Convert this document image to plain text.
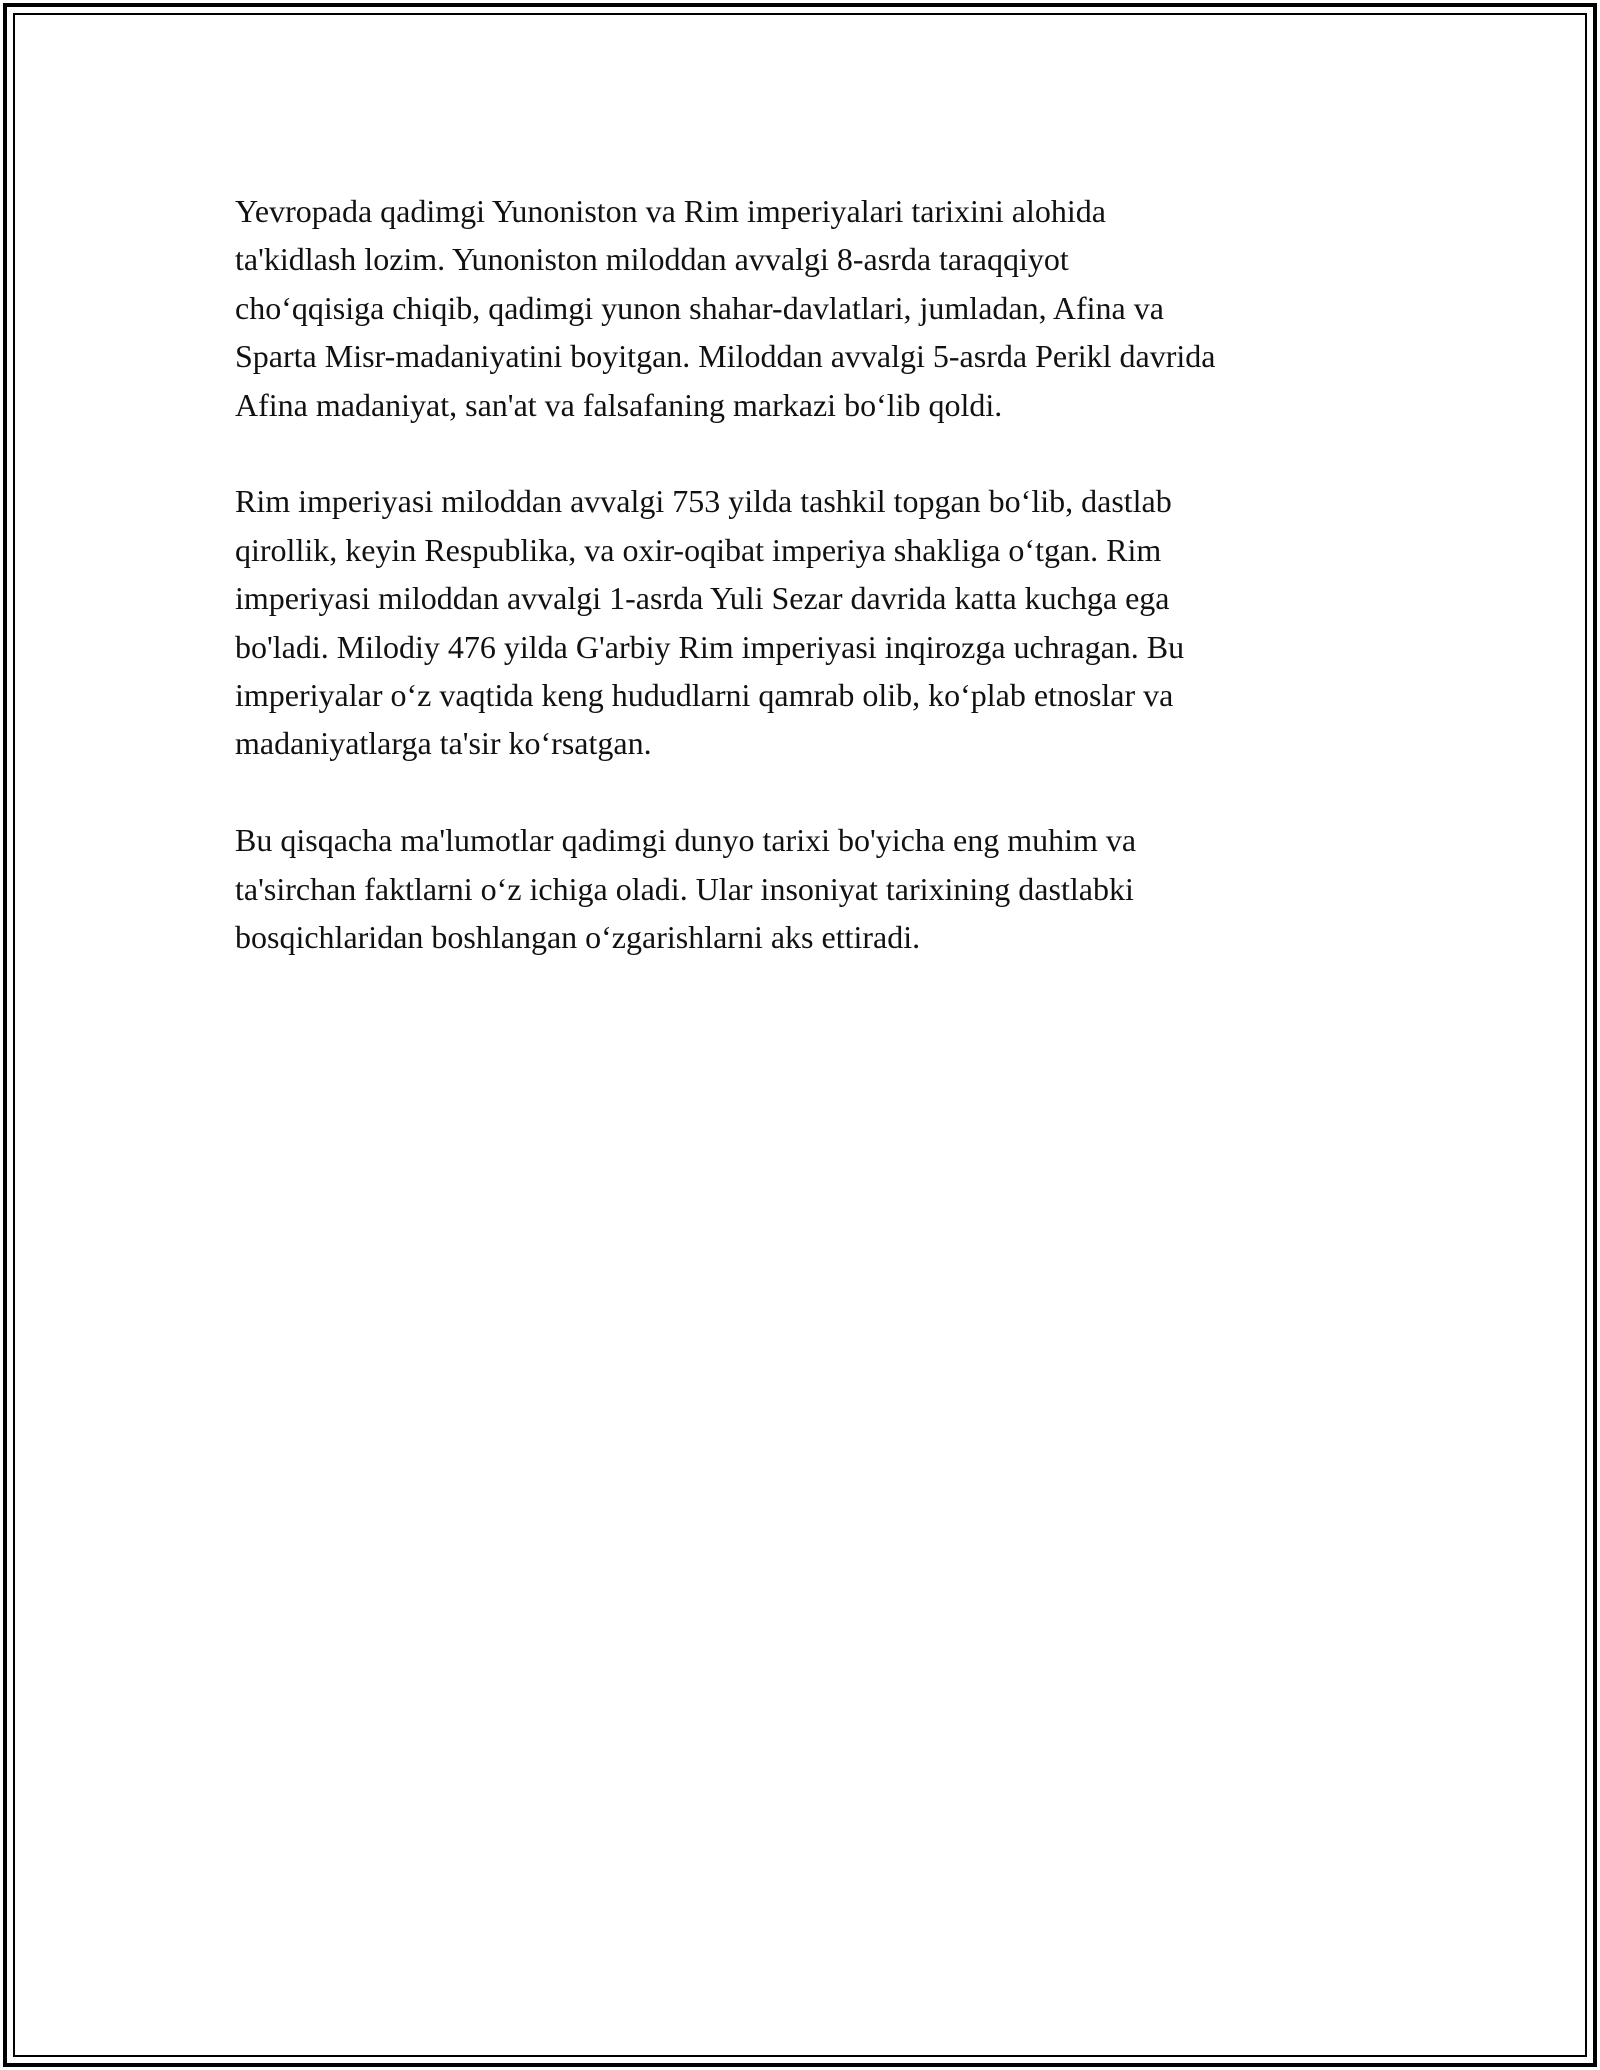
Yevropada qadimgi Yunoniston va Rim imperiyalari tarixini alohida
ta'kidlash lozim. Yunoniston miloddan avvalgi 8-asrda taraqqiyot
cho‘qqisiga chiqib, qadimgi yunon shahar-davlatlari, jumladan, Afina va
Sparta Misr-madaniyatini boyitgan. Miloddan avvalgi 5-asrda Perikl davrida
Afina madaniyat, san'at va falsafaning markazi bo‘lib qoldi.

Rim imperiyasi miloddan avvalgi 753 yilda tashkil topgan bo‘lib, dastlab
qirollik, keyin Respublika, va oxir-oqibat imperiya shakliga o‘tgan. Rim
imperiyasi miloddan avvalgi 1-asrda Yuli Sezar davrida katta kuchga ega
bo'ladi. Milodiy 476 yilda G'arbiy Rim imperiyasi inqirozga uchragan. Bu
imperiyalar o‘z vaqtida keng hududlarni qamrab olib, ko‘plab etnoslar va
madaniyatlarga ta'sir ko‘rsatgan.

Bu qisqacha ma'lumotlar qadimgi dunyo tarixi bo'yicha eng muhim va
ta'sirchan faktlarni o‘z ichiga oladi. Ular insoniyat tarixining dastlabki
bosqichlaridan boshlangan o‘zgarishlarni aks ettiradi.
